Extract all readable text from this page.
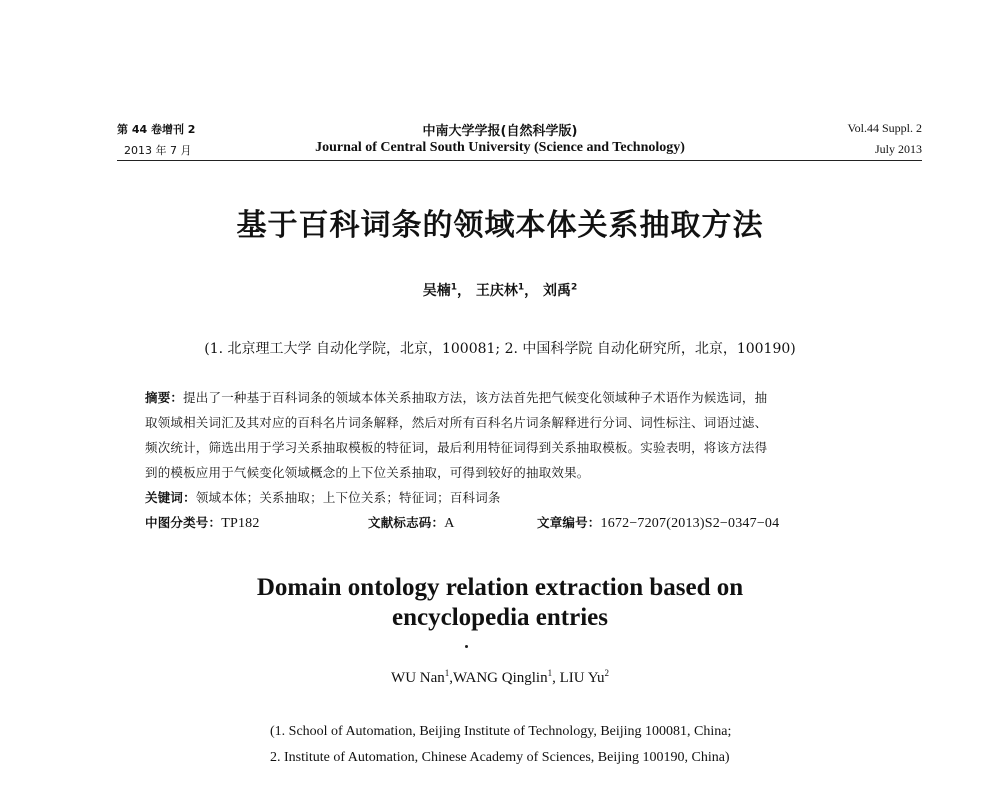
第 44 卷增刊 2
2013 年 7 月
中南大学学报(自然科学版)
Journal of Central South University (Science and Technology)
Vol.44 Suppl. 2
July 2013
基于百科词条的领域本体关系抽取方法
吴楠$^1$， 王庆林$^1$， 刘禹$^2$
(1. 北京理工大学 自动化学院，北京，100081; 2. 中国科学院 自动化研究所，北京，100190)
摘要：提出了一种基于百科词条的领域本体关系抽取方法，该方法首先把气候变化领域种子术语作为候选词，抽
取领域相关词汇及其对应的百科名片词条解释，然后对所有百科名片词条解释进行分词、词性标注、词语过滤、
频次统计，筛选出用于学习关系抽取模板的特征词，最后利用特征词得到关系抽取模板。实验表明，将该方法得
到的模板应用于气候变化领域概念的上下位关系抽取，可得到较好的抽取效果。
关键词：领域本体；关系抽取；上下位关系；特征词；百科词条
中图分类号：TP182	文献标志码：A	文章编号：1672−7207(2013)S2−0347−04
Domain ontology relation extraction based on
encyclopedia entries
WU Nan$^1$,WANG Qinglin$^1$, LIU Yu$^2$
(1. School of Automation, Beijing Institute of Technology, Beijing 100081, China;
2. Institute of Automation, Chinese Academy of Sciences, Beijing 100190, China)
